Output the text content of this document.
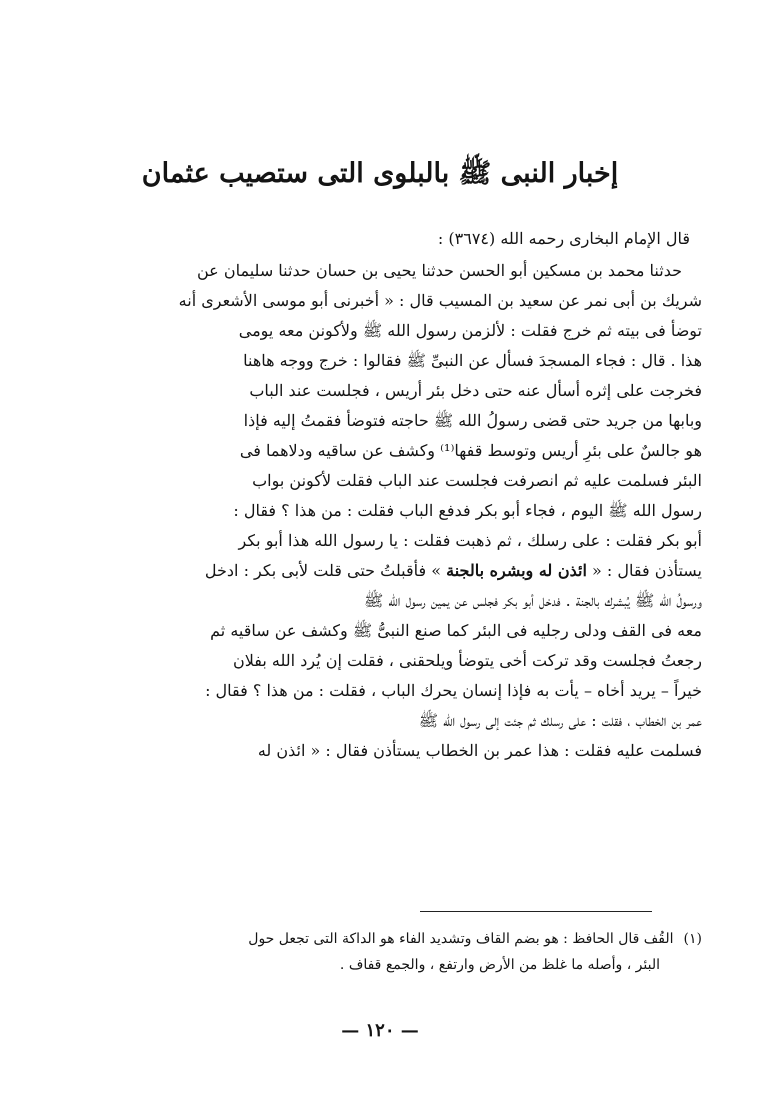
إخبار النبى ﷺ بالبلوى التى ستصيب عثمان
قال الإمام البخارى رحمه الله (٣٦٧٤) :
حدثنا محمد بن مسكين أبو الحسن حدثنا يحيى بن حسان حدثنا سليمان عن
شريك بن أبى نمر عن سعيد بن المسيب قال : « أخبرنى أبو موسى الأشعرى أنه
توضأ فى بيته ثم خرج فقلت : لألزمن رسول الله ﷺ ولأكونن معه يومى
هذا . قال : فجاء المسجدَ فسأل عن النبىِّ ﷺ فقالوا : خرج ووجه هاهنا
فخرجت على إثره أسأل عنه حتى دخل بئر أريس ، فجلست عند الباب
وبابها من جريد حتى قضى رسولُ الله ﷺ حاجته فتوضأ فقمتُ إليه فإذا
هو جالسٌ على بئرِ أريس وتوسط قفها⁽¹⁾ وكشف عن ساقيه ودلاهما فى
البئر فسلمت عليه ثم انصرفت فجلست عند الباب فقلت لأكونن بواب
رسول الله ﷺ اليوم ، فجاء أبو بكر فدفع الباب فقلت : من هذا ؟ فقال :
أبو بكر فقلت : على رسلك ، ثم ذهبت فقلت : يا رسول الله هذا أبو بكر
يستأذن فقال : « ائذن له وبشره بالجنة » فأقبلتُ حتى قلت لأبى بكر : ادخل
ورسولُ الله ﷺ يُبشرك بالجنة . فدخل أبو بكر فجلس عن يمين رسول الله ﷺ
معه فى القف ودلى رجليه فى البئر كما صنع النبىُّ ﷺ وكشف عن ساقيه ثم
رجعتُ فجلست وقد تركت أخى يتوضأ ويلحقنى ، فقلت إن يُرد الله بفلان
خيراً – يريد أخاه – يأت به فإذا إنسان يحرك الباب ، فقلت : من هذا ؟ فقال :
عمر بن الخطاب ، فقلت : على رسلك ثم جئت إلى رسول الله ﷺ
فسلمت عليه فقلت : هذا عمر بن الخطاب يستأذن فقال : « ائذن له
(١)القُف قال الحافظ : هو بضم القاف وتشديد الفاء هو الداكة التى تجعل حول
البئر ، وأصله ما غلظ من الأرض وارتفع ، والجمع قفاف .
— ١٢٠ —
